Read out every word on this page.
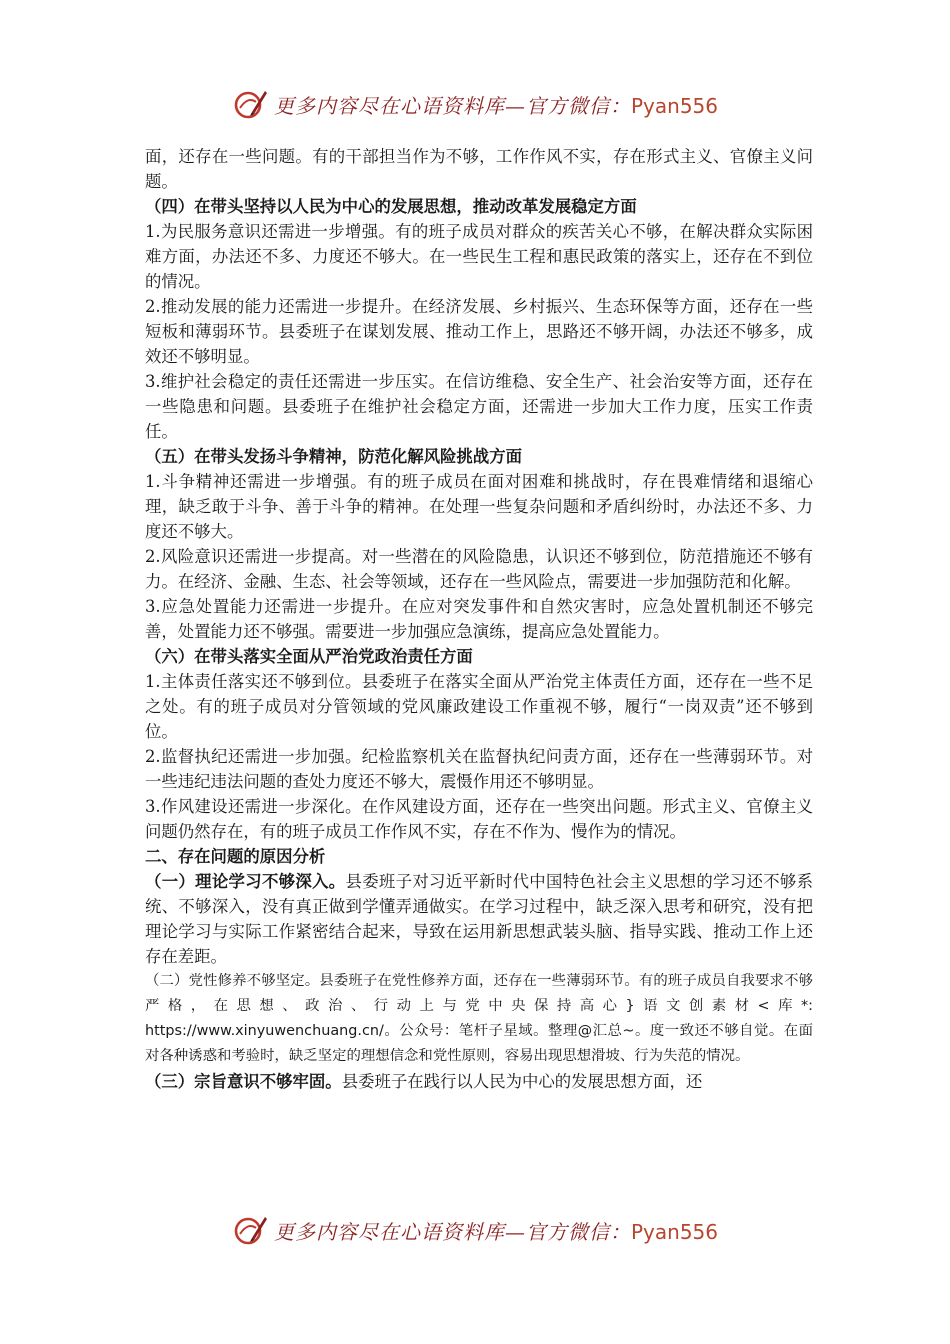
更多内容尽在心语资料库—官方微信：Pyan556

面，还存在一些问题。有的干部担当作为不够，工作作风不实，存在形式主义、官僚主义问题。

（四）在带头坚持以人民为中心的发展思想，推动改革发展稳定方面

1.为民服务意识还需进一步增强。有的班子成员对群众的疾苦关心不够，在解决群众实际困难方面，办法还不多、力度还不够大。在一些民生工程和惠民政策的落实上，还存在不到位的情况。

2.推动发展的能力还需进一步提升。在经济发展、乡村振兴、生态环保等方面，还存在一些短板和薄弱环节。县委班子在谋划发展、推动工作上，思路还不够开阔，办法还不够多，成效还不够明显。

3.维护社会稳定的责任还需进一步压实。在信访维稳、安全生产、社会治安等方面，还存在一些隐患和问题。县委班子在维护社会稳定方面，还需进一步加大工作力度，压实工作责任。

（五）在带头发扬斗争精神，防范化解风险挑战方面

1.斗争精神还需进一步增强。有的班子成员在面对困难和挑战时，存在畏难情绪和退缩心理，缺乏敢于斗争、善于斗争的精神。在处理一些复杂问题和矛盾纠纷时，办法还不多、力度还不够大。

2.风险意识还需进一步提高。对一些潜在的风险隐患，认识还不够到位，防范措施还不够有力。在经济、金融、生态、社会等领域，还存在一些风险点，需要进一步加强防范和化解。

3.应急处置能力还需进一步提升。在应对突发事件和自然灾害时，应急处置机制还不够完善，处置能力还不够强。需要进一步加强应急演练，提高应急处置能力。

（六）在带头落实全面从严治党政治责任方面

1.主体责任落实还不够到位。县委班子在落实全面从严治党主体责任方面，还存在一些不足之处。有的班子成员对分管领域的党风廉政建设工作重视不够，履行“一岗双责”还不够到位。

2.监督执纪还需进一步加强。纪检监察机关在监督执纪问责方面，还存在一些薄弱环节。对一些违纪违法问题的查处力度还不够大，震慑作用还不够明显。

3.作风建设还需进一步深化。在作风建设方面，还存在一些突出问题。形式主义、官僚主义问题仍然存在，有的班子成员工作作风不实，存在不作为、慢作为的情况。

二、存在问题的原因分析

（一）理论学习不够深入。县委班子对习近平新时代中国特色社会主义思想的学习还不够系统、不够深入，没有真正做到学懂弄通做实。在学习过程中，缺乏深入思考和研究，没有把理论学习与实际工作紧密结合起来，导致在运用新思想武装头脑、指导实践、推动工作上还存在差距。

（二）党性修养不够坚定。县委班子在党性修养方面，还存在一些薄弱环节。有的班子成员自我要求不够严格，在思想、政治、行动上与党中央保持高心}语文创素材<库*: https://www.xinyuwenchuang.cn/。公众号：笔杆子星域。整理@汇总~。度一致还不够自觉。在面对各种诱惑和考验时，缺乏坚定的理想信念和党性原则，容易出现思想滑坡、行为失范的情况。

（三）宗旨意识不够牢固。县委班子在践行以人民为中心的发展思想方面，还

更多内容尽在心语资料库—官方微信：Pyan556
